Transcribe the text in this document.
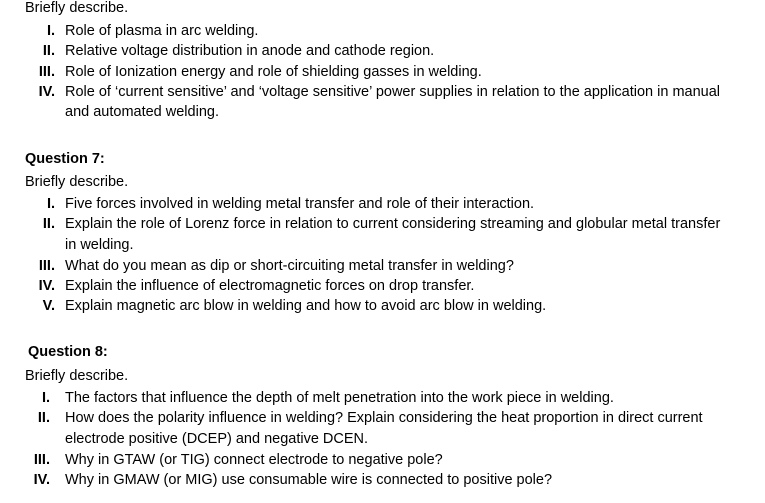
Briefly describe.
I. Role of plasma in arc welding.
II. Relative voltage distribution in anode and cathode region.
III. Role of Ionization energy and role of shielding gasses in welding.
IV. Role of ‘current sensitive’ and ‘voltage sensitive’ power supplies in relation to the application in manual
and automated welding.
Question 7:
Briefly describe.
I. Five forces involved in welding metal transfer and role of their interaction.
II. Explain the role of Lorenz force in relation to current considering streaming and globular metal transfer
in welding.
III. What do you mean as dip or short-circuiting metal transfer in welding?
IV. Explain the influence of electromagnetic forces on drop transfer.
V. Explain magnetic arc blow in welding and how to avoid arc blow in welding.
Question 8:
Briefly describe.
I. The factors that influence the depth of melt penetration into the work piece in welding.
II. How does the polarity influence in welding? Explain considering the heat proportion in direct current
electrode positive (DCEP) and negative DCEN.
III. Why in GTAW (or TIG) connect electrode to negative pole?
IV. Why in GMAW (or MIG) use consumable wire is connected to positive pole?
